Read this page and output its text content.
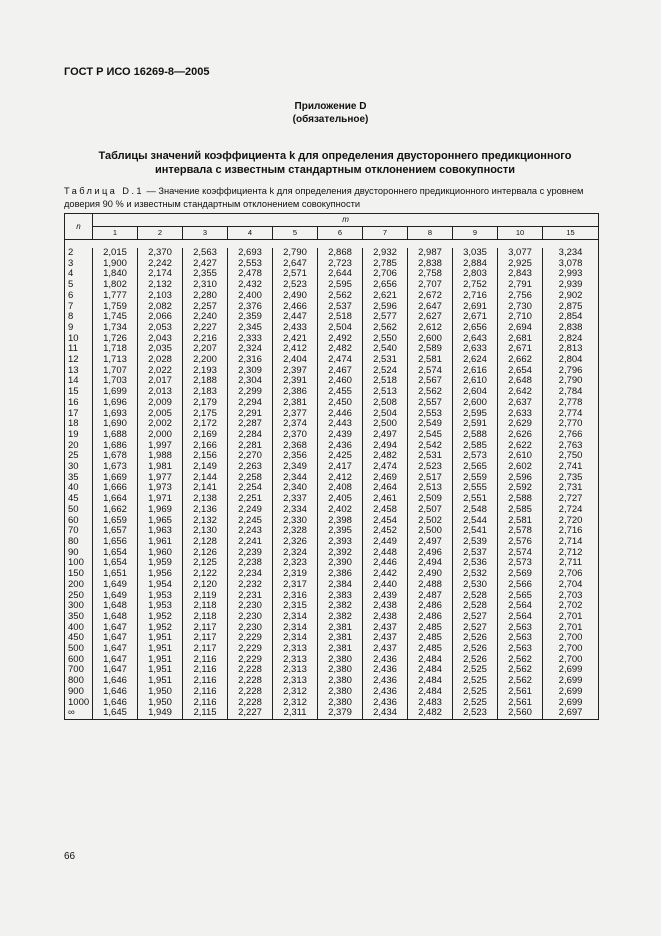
ГОСТ Р ИСО 16269-8—2005
Приложение D
(обязательное)
Таблицы значений коэффициента k для определения двустороннего предикционного
интервала с известным стандартным отклонением совокупности
Таблица D.1 — Значение коэффициента k для определения двустороннего предикционного интервала с уровнем доверия 90 % и известным стандартным отклонением совокупности
n	m										
	1	2	3	4	5	6	7	8	9	10	15

2	2,015	2,370	2,563	2,693	2,790	2,868	2,932	2,987	3,035	3,077	3,234
3	1,900	2,242	2,427	2,553	2,647	2,723	2,785	2,838	2,884	2,925	3,078
4	1,840	2,174	2,355	2,478	2,571	2,644	2,706	2,758	2,803	2,843	2,993
5	1,802	2,132	2,310	2,432	2,523	2,595	2,656	2,707	2,752	2,791	2,939
6	1,777	2,103	2,280	2,400	2,490	2,562	2,621	2,672	2,716	2,756	2,902
7	1,759	2,082	2,257	2,376	2,466	2,537	2,596	2,647	2,691	2,730	2,875
8	1,745	2,066	2,240	2,359	2,447	2,518	2,577	2,627	2,671	2,710	2,854
9	1,734	2,053	2,227	2,345	2,433	2,504	2,562	2,612	2,656	2,694	2,838
10	1,726	2,043	2,216	2,333	2,421	2,492	2,550	2,600	2,643	2,681	2,824
11	1,718	2,035	2,207	2,324	2,412	2,482	2,540	2,589	2,633	2,671	2,813
12	1,713	2,028	2,200	2,316	2,404	2,474	2,531	2,581	2,624	2,662	2,804
13	1,707	2,022	2,193	2,309	2,397	2,467	2,524	2,574	2,616	2,654	2,796
14	1,703	2,017	2,188	2,304	2,391	2,460	2,518	2,567	2,610	2,648	2,790
15	1,699	2,013	2,183	2,299	2,386	2,455	2,513	2,562	2,604	2,642	2,784
16	1,696	2,009	2,179	2,294	2,381	2,450	2,508	2,557	2,600	2,637	2,778
17	1,693	2,005	2,175	2,291	2,377	2,446	2,504	2,553	2,595	2,633	2,774
18	1,690	2,002	2,172	2,287	2,374	2,443	2,500	2,549	2,591	2,629	2,770
19	1,688	2,000	2,169	2,284	2,370	2,439	2,497	2,545	2,588	2,626	2,766
20	1,686	1,997	2,166	2,281	2,368	2,436	2,494	2,542	2,585	2,622	2,763
25	1,678	1,988	2,156	2,270	2,356	2,425	2,482	2,531	2,573	2,610	2,750
30	1,673	1,981	2,149	2,263	2,349	2,417	2,474	2,523	2,565	2,602	2,741
35	1,669	1,977	2,144	2,258	2,344	2,412	2,469	2,517	2,559	2,596	2,735
40	1,666	1,973	2,141	2,254	2,340	2,408	2,464	2,513	2,555	2,592	2,731
45	1,664	1,971	2,138	2,251	2,337	2,405	2,461	2,509	2,551	2,588	2,727
50	1,662	1,969	2,136	2,249	2,334	2,402	2,458	2,507	2,548	2,585	2,724
60	1,659	1,965	2,132	2,245	2,330	2,398	2,454	2,502	2,544	2,581	2,720
70	1,657	1,963	2,130	2,243	2,328	2,395	2,452	2,500	2,541	2,578	2,716
80	1,656	1,961	2,128	2,241	2,326	2,393	2,449	2,497	2,539	2,576	2,714
90	1,654	1,960	2,126	2,239	2,324	2,392	2,448	2,496	2,537	2,574	2,712
100	1,654	1,959	2,125	2,238	2,323	2,390	2,446	2,494	2,536	2,573	2,711
150	1,651	1,956	2,122	2,234	2,319	2,386	2,442	2,490	2,532	2,569	2,706
200	1,649	1,954	2,120	2,232	2,317	2,384	2,440	2,488	2,530	2,566	2,704
250	1,649	1,953	2,119	2,231	2,316	2,383	2,439	2,487	2,528	2,565	2,703
300	1,648	1,953	2,118	2,230	2,315	2,382	2,438	2,486	2,528	2,564	2,702
350	1,648	1,952	2,118	2,230	2,314	2,382	2,438	2,486	2,527	2,564	2,701
400	1,647	1,952	2,117	2,230	2,314	2,381	2,437	2,485	2,527	2,563	2,701
450	1,647	1,951	2,117	2,229	2,314	2,381	2,437	2,485	2,526	2,563	2,700
500	1,647	1,951	2,117	2,229	2,313	2,381	2,437	2,485	2,526	2,563	2,700
600	1,647	1,951	2,116	2,229	2,313	2,380	2,436	2,484	2,526	2,562	2,700
700	1,647	1,951	2,116	2,228	2,313	2,380	2,436	2,484	2,525	2,562	2,699
800	1,646	1,951	2,116	2,228	2,313	2,380	2,436	2,484	2,525	2,562	2,699
900	1,646	1,950	2,116	2,228	2,312	2,380	2,436	2,484	2,525	2,561	2,699
1000	1,646	1,950	2,116	2,228	2,312	2,380	2,436	2,483	2,525	2,561	2,699
∞	1,645	1,949	2,115	2,227	2,311	2,379	2,434	2,482	2,523	2,560	2,697
66
